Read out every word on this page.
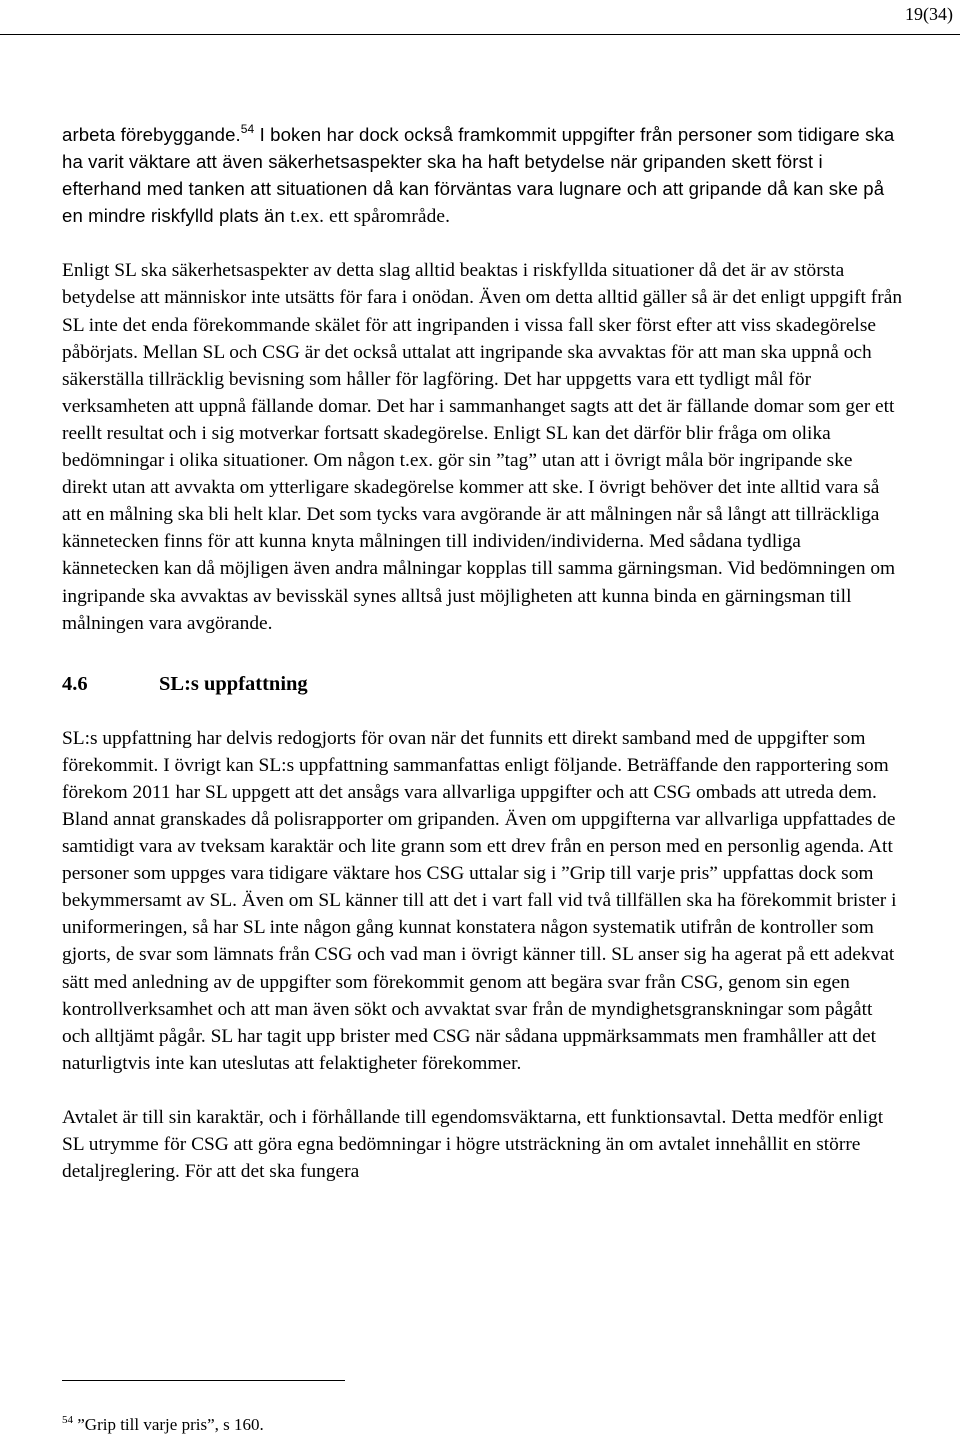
19(34)

arbeta förebyggande.$^{54}$ I boken har dock också framkommit uppgifter från personer som tidigare ska ha varit väktare att även säkerhetsaspekter ska ha haft betydelse när gripanden skett först i efterhand med tanken att situationen då kan förväntas vara lugnare och att gripande då kan ske på en mindre riskfylld plats än t.ex. ett spårområde.

Enligt SL ska säkerhetsaspekter av detta slag alltid beaktas i riskfyllda situationer då det är av största betydelse att människor inte utsätts för fara i onödan. Även om detta alltid gäller så är det enligt uppgift från SL inte det enda förekommande skälet för att ingripanden i vissa fall sker först efter att viss skadegörelse påbörjats. Mellan SL och CSG är det också uttalat att ingripande ska avvaktas för att man ska uppnå och säkerställa tillräcklig bevisning som håller för lagföring. Det har uppgetts vara ett tydligt mål för verksamheten att uppnå fällande domar. Det har i sammanhanget sagts att det är fällande domar som ger ett reellt resultat och i sig motverkar fortsatt skadegörelse. Enligt SL kan det därför blir fråga om olika bedömningar i olika situationer. Om någon t.ex. gör sin ”tag” utan att i övrigt måla bör ingripande ske direkt utan att avvakta om ytterligare skadegörelse kommer att ske. I övrigt behöver det inte alltid vara så att en målning ska bli helt klar. Det som tycks vara avgörande är att målningen når så långt att tillräckliga kännetecken finns för att kunna knyta målningen till individen/individerna. Med sådana tydliga kännetecken kan då möjligen även andra målningar kopplas till samma gärningsman. Vid bedömningen om ingripande ska avvaktas av bevisskäl synes alltså just möjligheten att kunna binda en gärningsman till målningen vara avgörande.

4.6	SL:s uppfattning

SL:s uppfattning har delvis redogjorts för ovan när det funnits ett direkt samband med de uppgifter som förekommit. I övrigt kan SL:s uppfattning sammanfattas enligt följande. Beträffande den rapportering som förekom 2011 har SL uppgett att det ansågs vara allvarliga uppgifter och att CSG ombads att utreda dem. Bland annat granskades då polisrapporter om gripanden. Även om uppgifterna var allvarliga uppfattades de samtidigt vara av tveksam karaktär och lite grann som ett drev från en person med en personlig agenda. Att personer som uppges vara tidigare väktare hos CSG uttalar sig i ”Grip till varje pris” uppfattas dock som bekymmersamt av SL. Även om SL känner till att det i vart fall vid två tillfällen ska ha förekommit brister i uniformeringen, så har SL inte någon gång kunnat konstatera någon systematik utifrån de kontroller som gjorts, de svar som lämnats från CSG och vad man i övrigt känner till. SL anser sig ha agerat på ett adekvat sätt med anledning av de uppgifter som förekommit genom att begära svar från CSG, genom sin egen kontrollverksamhet och att man även sökt och avvaktat svar från de myndighetsgranskningar som pågått och alltjämt pågår. SL har tagit upp brister med CSG när sådana uppmärksammats men framhåller att det naturligtvis inte kan uteslutas att felaktigheter förekommer.

Avtalet är till sin karaktär, och i förhållande till egendomsväktarna, ett funktionsavtal. Detta medför enligt SL utrymme för CSG att göra egna bedömningar i högre utsträckning än om avtalet innehållit en större detaljreglering. För att det ska fungera

$^{54}$ ”Grip till varje pris”, s 160.
